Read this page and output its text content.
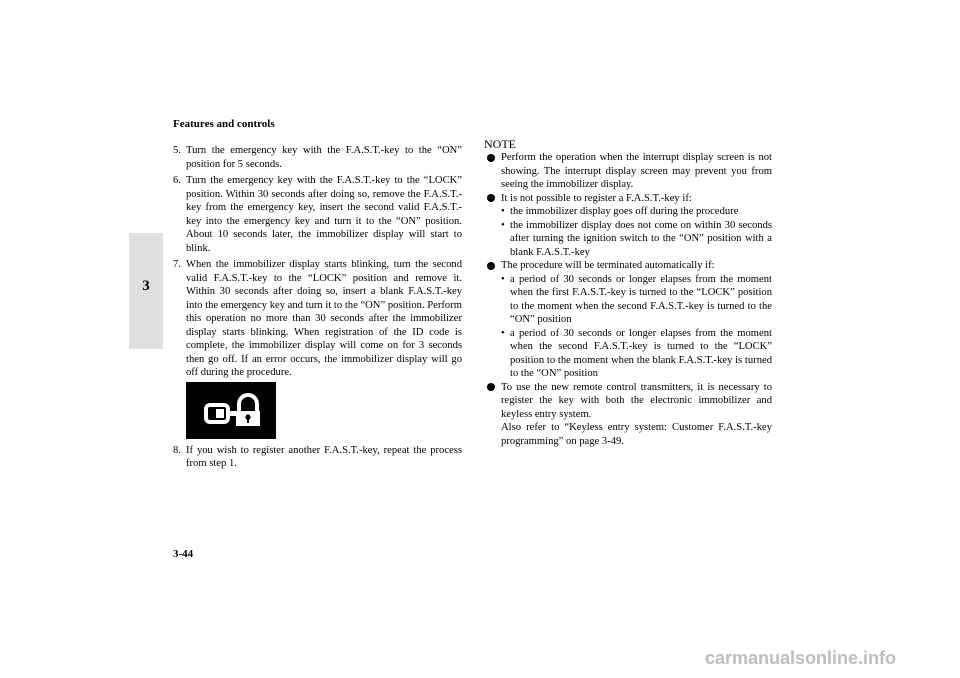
Features and controls
3
5. Turn the emergency key with the F.A.S.T.-key to the “ON” position for 5 seconds.
6. Turn the emergency key with the F.A.S.T.-key to the “LOCK” position. Within 30 seconds after doing so, remove the F.A.S.T.-key from the emergency key, insert the second valid F.A.S.T.-key into the emergency key and turn it to the “ON” position. About 10 seconds later, the immobilizer display will start to blink.
7. When the immobilizer display starts blinking, turn the second valid F.A.S.T.-key to the “LOCK” position and remove it. Within 30 seconds after doing so, insert a blank F.A.S.T.-key into the emergency key and turn it to the “ON” position. Perform this operation no more than 30 seconds after the immobilizer display starts blinking. When registration of the ID code is complete, the immobilizer display will come on for 3 seconds then go off. If an error occurs, the immobilizer display will go off during the procedure.
8. If you wish to register another F.A.S.T.-key, repeat the process from step 1.
NOTE
Perform the operation when the interrupt display screen is not showing. The interrupt display screen may prevent you from seeing the immobilizer display.
It is not possible to register a F.A.S.T.-key if:
• the immobilizer display goes off during the procedure
• the immobilizer display does not come on within 30 seconds after turning the ignition switch to the “ON” position with a blank F.A.S.T.-key
The procedure will be terminated automatically if:
• a period of 30 seconds or longer elapses from the moment when the first F.A.S.T.-key is turned to the “LOCK” position to the moment when the second F.A.S.T.-key is turned to the “ON” position
• a period of 30 seconds or longer elapses from the moment when the second F.A.S.T.-key is turned to the “LOCK” position to the moment when the blank F.A.S.T.-key is turned to the “ON” position
To use the new remote control transmitters, it is necessary to register the key with both the electronic immobilizer and keyless entry system.
Also refer to “Keyless entry system: Customer F.A.S.T.-key programming” on page 3-49.
3-44
carmanualsonline.info
